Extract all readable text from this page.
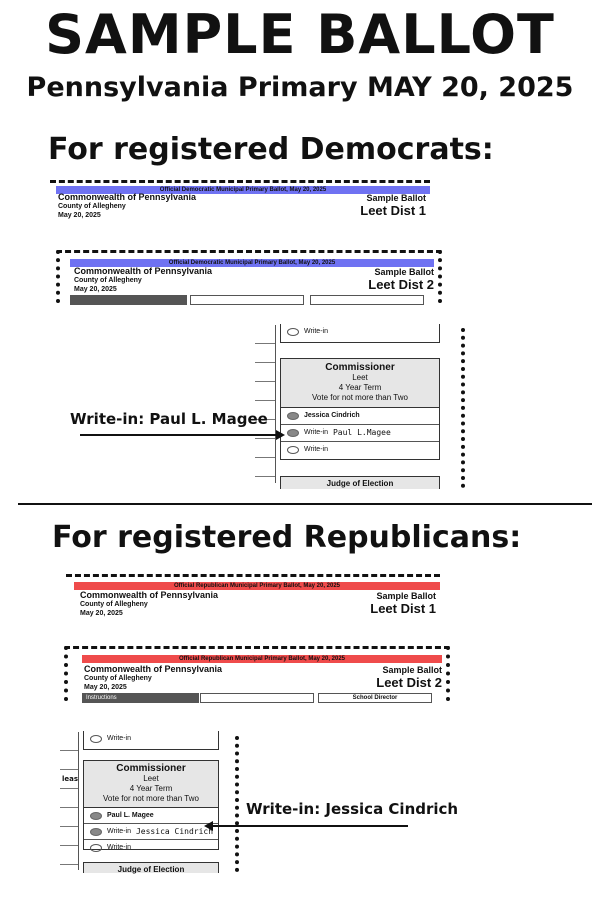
SAMPLE BALLOT
Pennsylvania Primary MAY 20, 2025
For registered Democrats:
Official Democratic Municipal Primary Ballot, May 20, 2025
Commonwealth of Pennsylvania
County of Allegheny
May 20, 2025
Sample Ballot
Leet Dist 1
Official Democratic Municipal Primary Ballot, May 20, 2025
Commonwealth of Pennsylvania
County of Allegheny
May 20, 2025
Sample Ballot
Leet Dist 2
Write-in
Commissioner
Leet
4 Year Term
Vote for not more than Two
Jessica Cindrich
Write-in Paul L.Magee
Write-in
Judge of Election
Write-in: Paul L. Magee
For registered Republicans:
Official Republican Municipal Primary Ballot, May 20, 2025
Commonwealth of Pennsylvania
County of Allegheny
May 20, 2025
Sample Ballot
Leet Dist 1
Official Republican Municipal Primary Ballot, May 20, 2025
Commonwealth of Pennsylvania
County of Allegheny
May 20, 2025
Sample Ballot
Leet Dist 2
Instructions	School Director
leas
Write-in
Commissioner
Leet
4 Year Term
Vote for not more than Two
Paul L. Magee
Write-in Jessica Cindrich
Write-in
Judge of Election
Write-in: Jessica Cindrich
